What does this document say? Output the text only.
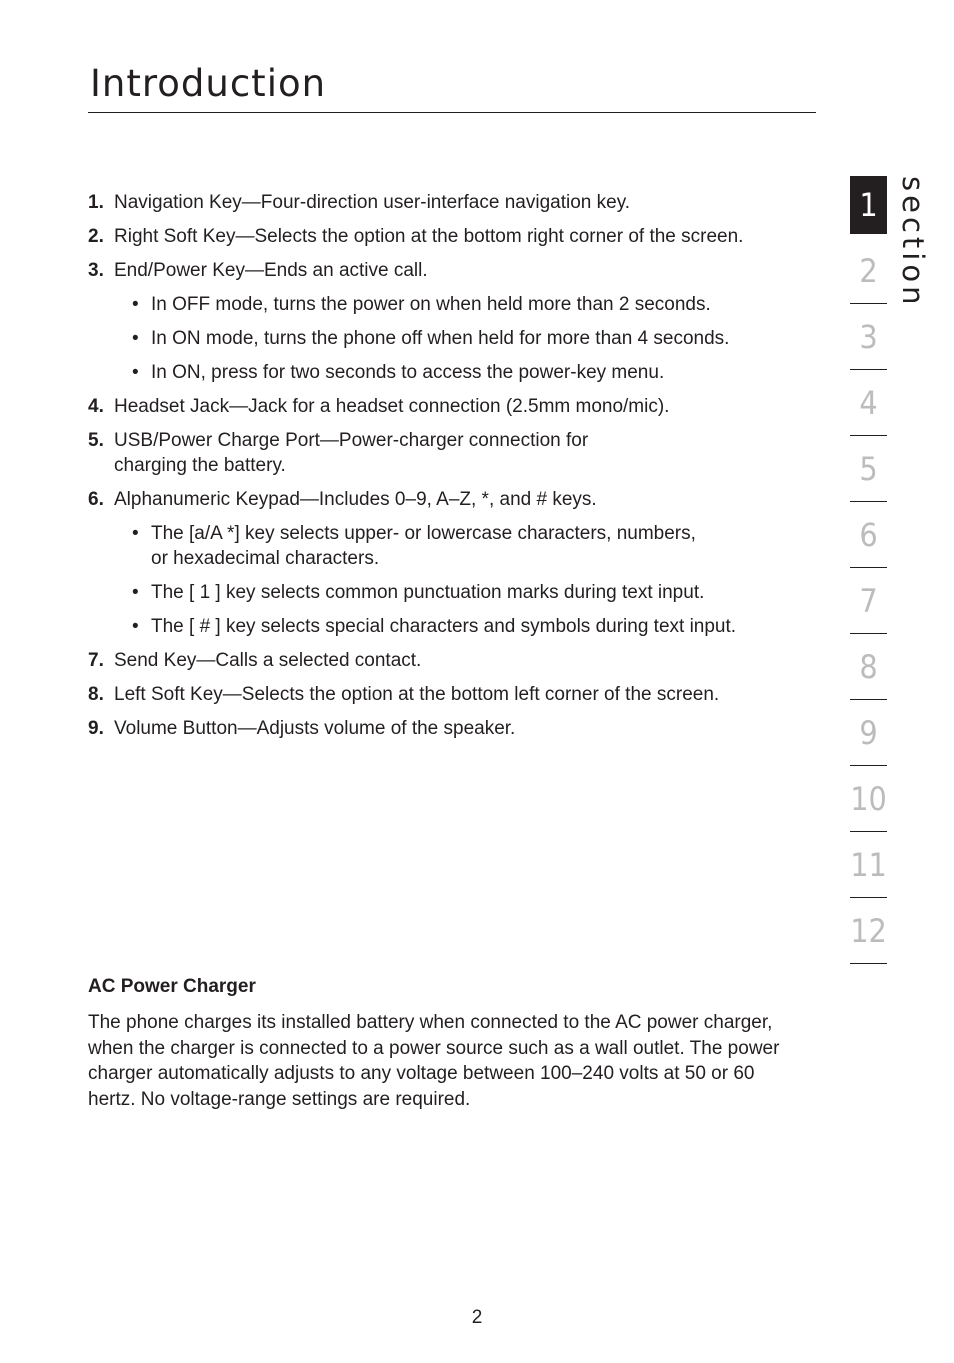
Introduction
1. Navigation Key—Four-direction user-interface navigation key.
2. Right Soft Key—Selects the option at the bottom right corner of the screen.
3. End/Power Key—Ends an active call.
• In OFF mode, turns the power on when held more than 2 seconds.
• In ON mode, turns the phone off when held for more than 4 seconds.
• In ON, press for two seconds to access the power-key menu.
4. Headset Jack—Jack for a headset connection (2.5mm mono/mic).
5. USB/Power Charge Port—Power-charger connection for charging the battery.
6. Alphanumeric Keypad—Includes 0–9, A–Z, *, and # keys.
• The [a/A *] key selects upper- or lowercase characters, numbers, or hexadecimal characters.
• The [ 1 ] key selects common punctuation marks during text input.
• The [ # ] key selects special characters and symbols during text input.
7. Send Key—Calls a selected contact.
8. Left Soft Key—Selects the option at the bottom left corner of the screen.
9. Volume Button—Adjusts volume of the speaker.
AC Power Charger

The phone charges its installed battery when connected to the AC power charger, when the charger is connected to a power source such as a wall outlet. The power charger automatically adjusts to any voltage between 100–240 volts at 50 or 60 hertz. No voltage-range settings are required.

section
1
2
3
4
5
6
7
8
9
10
11
12
2
